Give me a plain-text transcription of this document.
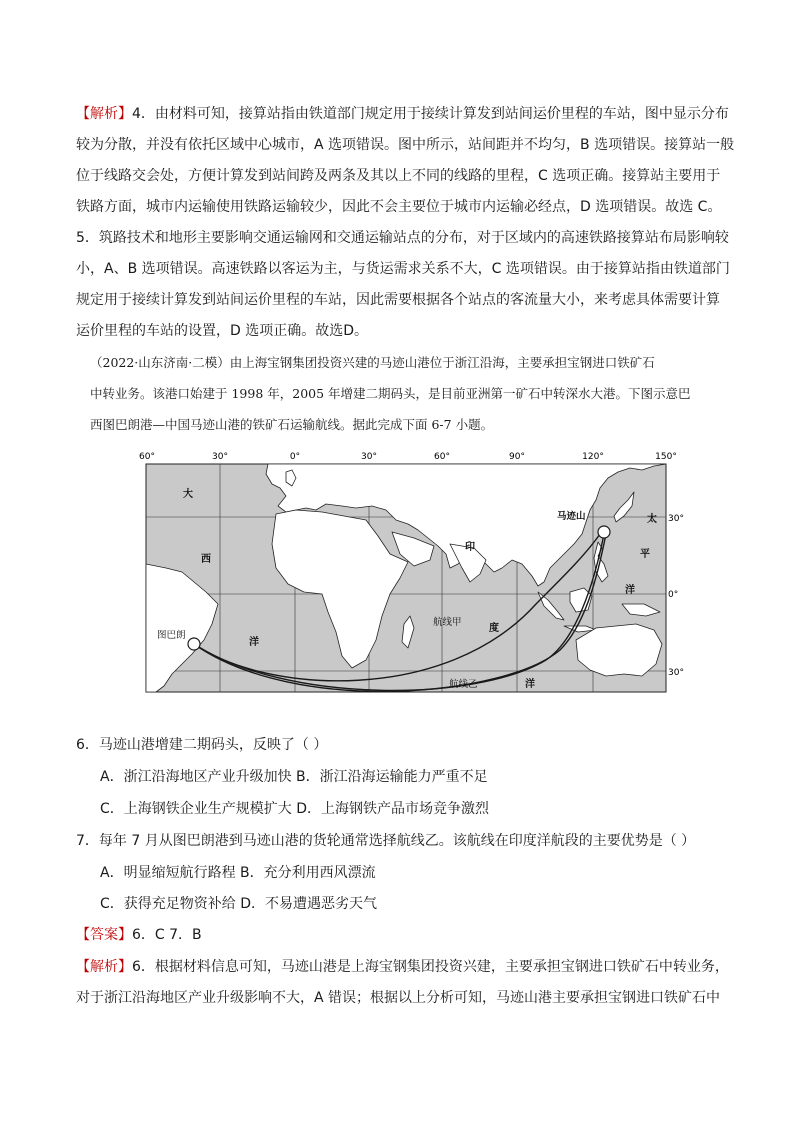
【解析】4．由材料可知，接算站指由铁道部门规定用于接续计算发到站间运价里程的车站，图中显示分布
较为分散，并没有依托区域中心城市，A 选项错误。图中所示，站间距并不均匀，B 选项错误。接算站一般
位于线路交会处，方便计算发到站间跨及两条及其以上不同的线路的里程，C 选项正确。接算站主要用于
铁路方面，城市内运输使用铁路运输较少，因此不会主要位于城市内运输必经点，D 选项错误。故选 C。
5．筑路技术和地形主要影响交通运输网和交通运输站点的分布，对于区域内的高速铁路接算站布局影响较
小，A、B 选项错误。高速铁路以客运为主，与货运需求关系不大，C 选项错误。由于接算站指由铁道部门
规定用于接续计算发到站间运价里程的车站，因此需要根据各个站点的客流量大小，来考虑具体需要计算
运价里程的车站的设置，D 选项正确。故选D。
（2022·山东济南·二模）由上海宝钢集团投资兴建的马迹山港位于浙江沿海，主要承担宝钢进口铁矿石
中转业务。该港口始建于 1998 年，2005 年增建二期码头，是目前亚洲第一矿石中转深水大港。下图示意巴
西图巴朗港—中国马迹山港的铁矿石运输航线。据此完成下面 6-7 小题。
60°	30°	0°	30°	60°	90°	120°	150°
30°
0°
30°
大
西
洋
印
度
洋
太
平
洋
图巴朗
马迹山
航线甲
航线乙
6．马迹山港增建二期码头，反映了（ ）
A．浙江沿海地区产业升级加快 B．浙江沿海运输能力严重不足
C．上海钢铁企业生产规模扩大 D．上海钢铁产品市场竞争激烈
7．每年 7 月从图巴朗港到马迹山港的货轮通常选择航线乙。该航线在印度洋航段的主要优势是（ ）
A．明显缩短航行路程 B．充分利用西风漂流
C．获得充足物资补给 D．不易遭遇恶劣天气
【答案】6．C 7．B
【解析】6．根据材料信息可知，马迹山港是上海宝钢集团投资兴建，主要承担宝钢进口铁矿石中转业务，
对于浙江沿海地区产业升级影响不大，A 错误；根据以上分析可知，马迹山港主要承担宝钢进口铁矿石中
